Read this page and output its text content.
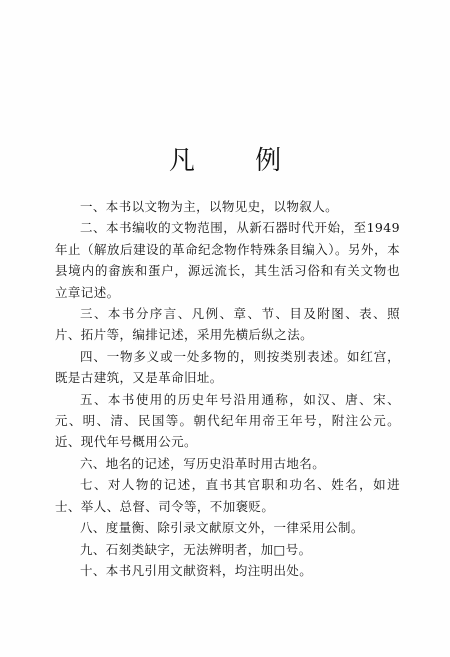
凡 例

一、本书以文物为主，以物见史，以物叙人。

二、本书编收的文物范围，从新石器时代开始，至1949年止（解放后建设的革命纪念物作特殊条目编入）。另外，本县境内的畲族和蛋户，源远流长，其生活习俗和有关文物也立章记述。

三、本书分序言、凡例、章、节、目及附图、表、照片、拓片等，编排记述，采用先横后纵之法。

四、一物多义或一处多物的，则按类别表述。如红宫，既是古建筑，又是革命旧址。

五、本书使用的历史年号沿用通称，如汉、唐、宋、元、明、清、民国等。朝代纪年用帝王年号，附注公元。近、现代年号概用公元。

六、地名的记述，写历史沿革时用古地名。

七、对人物的记述，直书其官职和功名、姓名，如进士、举人、总督、司令等，不加褒贬。

八、度量衡、除引录文献原文外，一律采用公制。

九、石刻类缺字，无法辨明者，加□号。

十、本书凡引用文献资料，均注明出处。
